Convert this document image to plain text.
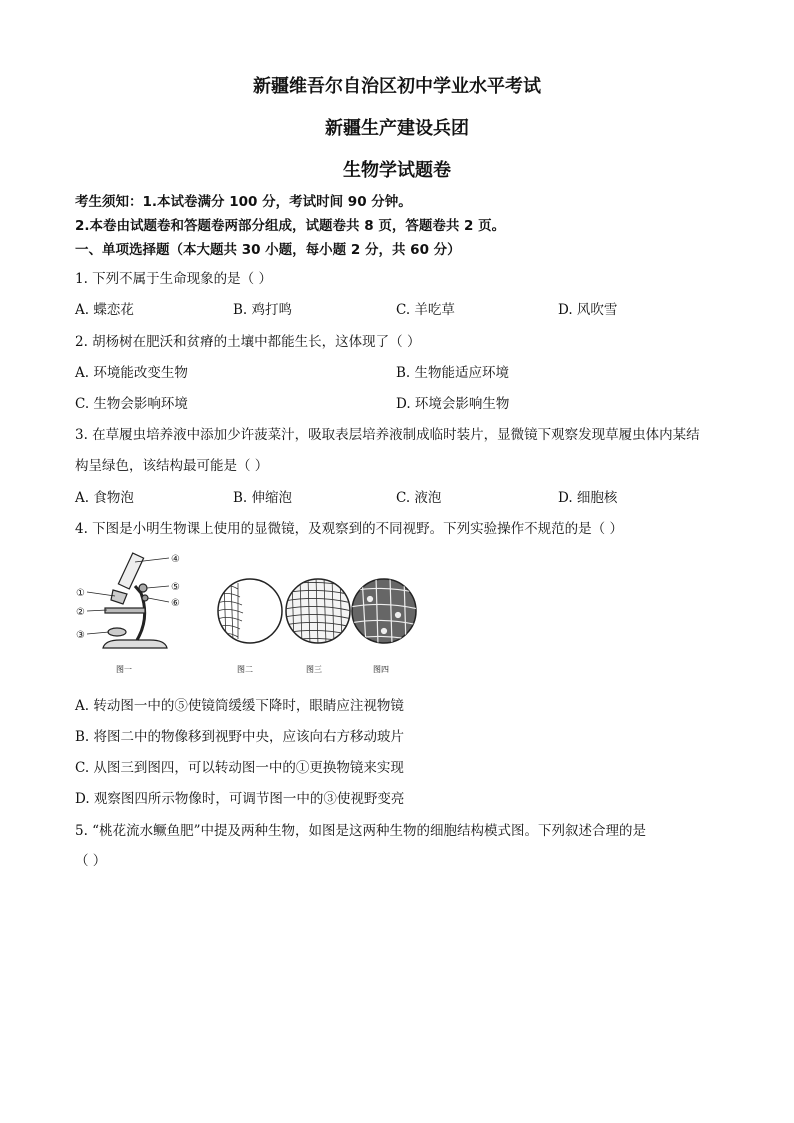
新疆维吾尔自治区初中学业水平考试
新疆生产建设兵团
生物学试题卷
考生须知：1.本试卷满分 100 分，考试时间 90 分钟。
2.本卷由试题卷和答题卷两部分组成，试题卷共 8 页，答题卷共 2 页。
一、单项选择题（本大题共 30 小题，每小题 2 分，共 60 分）
1. 下列不属于生命现象的是（ ）
A. 蝶恋花	B. 鸡打鸣	C. 羊吃草	D. 风吹雪
2. 胡杨树在肥沃和贫瘠的土壤中都能生长，这体现了（ ）
A. 环境能改变生物	B. 生物能适应环境
C. 生物会影响环境	D. 环境会影响生物
3. 在草履虫培养液中添加少许菠菜汁，吸取表层培养液制成临时装片，显微镜下观察发现草履虫体内某结
构呈绿色，该结构最可能是（ ）
A. 食物泡	B. 伸缩泡	C. 液泡	D. 细胞核
4. 下图是小明生物课上使用的显微镜，及观察到的不同视野。下列实验操作不规范的是（ ）
①
②
③
④
⑤
⑥
图一	图二	图三	图四
A. 转动图一中的⑤使镜筒缓缓下降时，眼睛应注视物镜
B. 将图二中的物像移到视野中央，应该向右方移动玻片
C. 从图三到图四，可以转动图一中的①更换物镜来实现
D. 观察图四所示物像时，可调节图一中的③使视野变亮
5. “桃花流水鳜鱼肥”中提及两种生物，如图是这两种生物的细胞结构模式图。下列叙述合理的是
（ ）
